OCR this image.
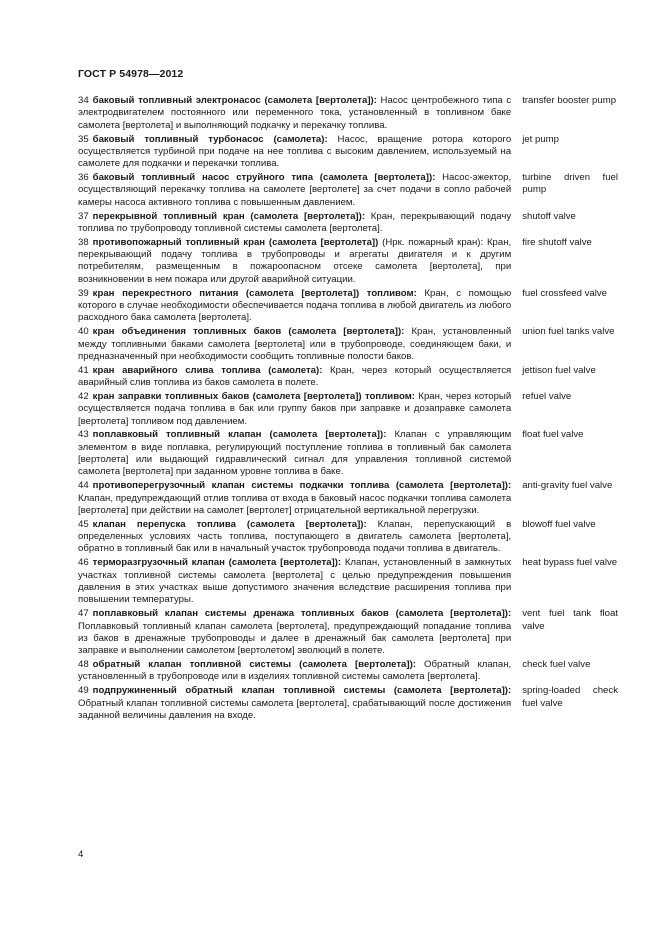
ГОСТ Р 54978—2012
34 баковый топливный электронасос (самолета [вертолета]): Насос центробежного типа с электродвигателем постоянного или переменного тока, установленный в топливном баке самолета [вертолета] и выполняющий подкачку и перекачку топлива.
transfer booster pump
35 баковый топливный турбонасос (самолета): Насос, вращение ротора которого осуществляется турбиной при подаче на нее топлива с высоким давлением, используемый на самолете для подкачки и перекачки топлива.
jet pump
36 баковый топливный насос струйного типа (самолета [вертолета]): Насос-эжектор, осуществляющий перекачку топлива на самолете [вертолете] за счет подачи в сопло рабочей камеры насоса активного топлива с повышенным давлением.
turbine driven fuel pump
37 перекрывной топливный кран (самолета [вертолета]): Кран, перекрывающий подачу топлива по трубопроводу топливной системы самолета [вертолета].
shutoff valve
38 противопожарный топливный кран (самолета [вертолета]) (Нрк. пожарный кран): Кран, перекрывающий подачу топлива в трубопроводы и агрегаты двигателя и к другим потребителям, размещенным в пожароопасном отсеке самолета [вертолета], при возникновении в нем пожара или другой аварийной ситуации.
fire shutoff valve
39 кран перекрестного питания (самолета [вертолета]) топливом: Кран, с помощью которого в случае необходимости обеспечивается подача топлива в любой двигатель из любого расходного бака самолета [вертолета].
fuel crossfeed valve
40 кран объединения топливных баков (самолета [вертолета]): Кран, установленный между топливными баками самолета [вертолета] или в трубопроводе, соединяющем баки, и предназначенный при необходимости сообщить топливные полости баков.
union fuel tanks valve
41 кран аварийного слива топлива (самолета): Кран, через который осуществляется аварийный слив топлива из баков самолета в полете.
jettison fuel valve
42 кран заправки топливных баков (самолета [вертолета]) топливом: Кран, через который осуществляется подача топлива в бак или группу баков при заправке и дозаправке самолета [вертолета] топливом под давлением.
refuel valve
43 поплавковый топливный клапан (самолета [вертолета]): Клапан с управляющим элементом в виде поплавка, регулирующий поступление топлива в топливный бак самолета [вертолета] или выдающий гидравлический сигнал для управления топливной системой самолета [вертолета] при заданном уровне топлива в баке.
float fuel valve
44 противоперегрузочный клапан системы подкачки топлива (самолета [вертолета]): Клапан, предупреждающий отлив топлива от входа в баковый насос подкачки топлива самолета [вертолета] при действии на самолет [вертолет] отрицательной вертикальной перегрузки.
anti-gravity fuel valve
45 клапан перепуска топлива (самолета [вертолета]): Клапан, перепускающий в определенных условиях часть топлива, поступающего в двигатель самолета [вертолета], обратно в топливный бак или в начальный участок трубопровода подачи топлива в двигатель.
blowoff fuel valve
46 терморазгрузочный клапан (самолета [вертолета]): Клапан, установленный в замкнутых участках топливной системы самолета [вертолета] с целью предупреждения повышения давления в этих участках выше допустимого значения вследствие расширения топлива при повышении температуры.
heat bypass fuel valve
47 поплавковый клапан системы дренажа топливных баков (самолета [вертолета]): Поплавковый топливный клапан самолета [вертолета], предупреждающий попадание топлива из баков в дренажные трубопроводы и далее в дренажный бак самолета [вертолета] при заправке и выполнении самолетом [вертолетом] эволюций в полете.
vent fuel tank float valve
48 обратный клапан топливной системы (самолета [вертолета]): Обратный клапан, установленный в трубопроводе или в изделиях топливной системы самолета [вертолета].
check fuel valve
49 подпружиненный обратный клапан топливной системы (самолета [вертолета]): Обратный клапан топливной системы самолета [вертолета], срабатывающий после достижения заданной величины давления на входе.
spring-loaded check fuel valve
4
